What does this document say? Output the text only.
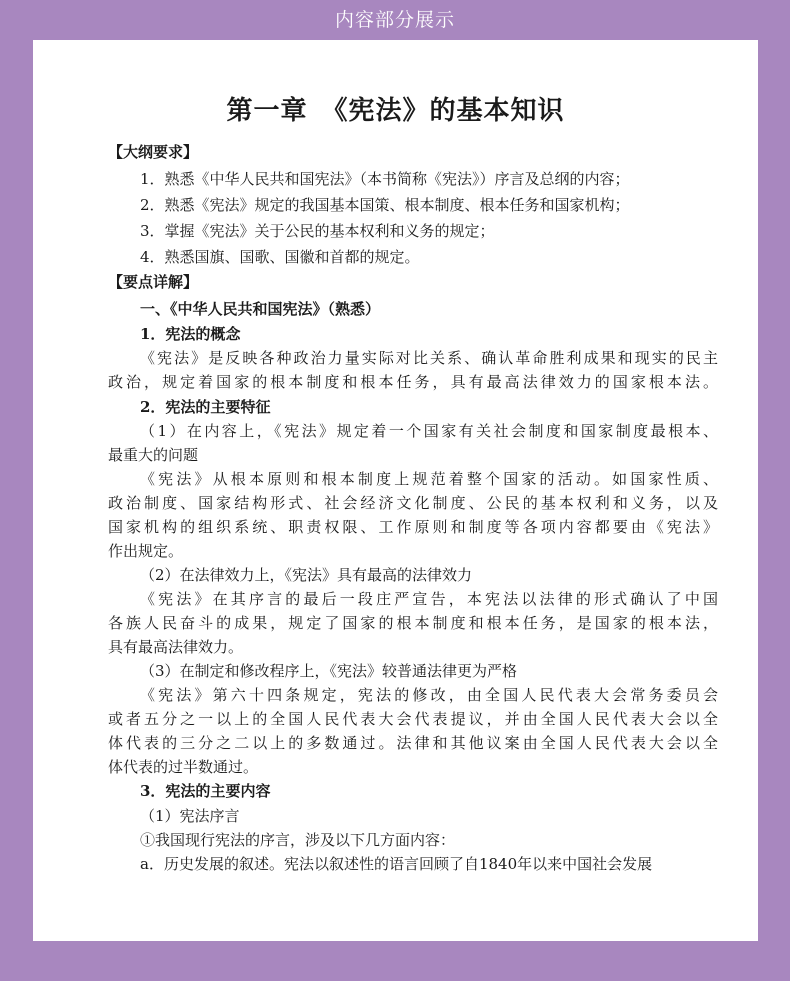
内容部分展示
第一章　《宪法》的基本知识
【大纲要求】
1．熟悉《中华人民共和国宪法》（本书简称《宪法》）序言及总纲的内容；
2．熟悉《宪法》规定的我国基本国策、根本制度、根本任务和国家机构；
3．掌握《宪法》关于公民的基本权利和义务的规定；
4．熟悉国旗、国歌、国徽和首都的规定。
【要点详解】
一、《中华人民共和国宪法》（熟悉）
1．宪法的概念
《宪法》是反映各种政治力量实际对比关系、确认革命胜利成果和现实的民主
政治，规定着国家的根本制度和根本任务，具有最高法律效力的国家根本法。
2．宪法的主要特征
（1）在内容上，《宪法》规定着一个国家有关社会制度和国家制度最根本、
最重大的问题
《宪法》从根本原则和根本制度上规范着整个国家的活动。如国家性质、
政治制度、国家结构形式、社会经济文化制度、公民的基本权利和义务，以及
国家机构的组织系统、职责权限、工作原则和制度等各项内容都要由《宪法》
作出规定。
（2）在法律效力上，《宪法》具有最高的法律效力
《宪法》在其序言的最后一段庄严宣告，本宪法以法律的形式确认了中国
各族人民奋斗的成果，规定了国家的根本制度和根本任务，是国家的根本法，
具有最高法律效力。
（3）在制定和修改程序上，《宪法》较普通法律更为严格
《宪法》第六十四条规定，宪法的修改，由全国人民代表大会常务委员会
或者五分之一以上的全国人民代表大会代表提议，并由全国人民代表大会以全
体代表的三分之二以上的多数通过。法律和其他议案由全国人民代表大会以全
体代表的过半数通过。
3．宪法的主要内容
（1）宪法序言
①我国现行宪法的序言，涉及以下几方面内容：
a．历史发展的叙述。宪法以叙述性的语言回顾了自1840年以来中国社会发展
